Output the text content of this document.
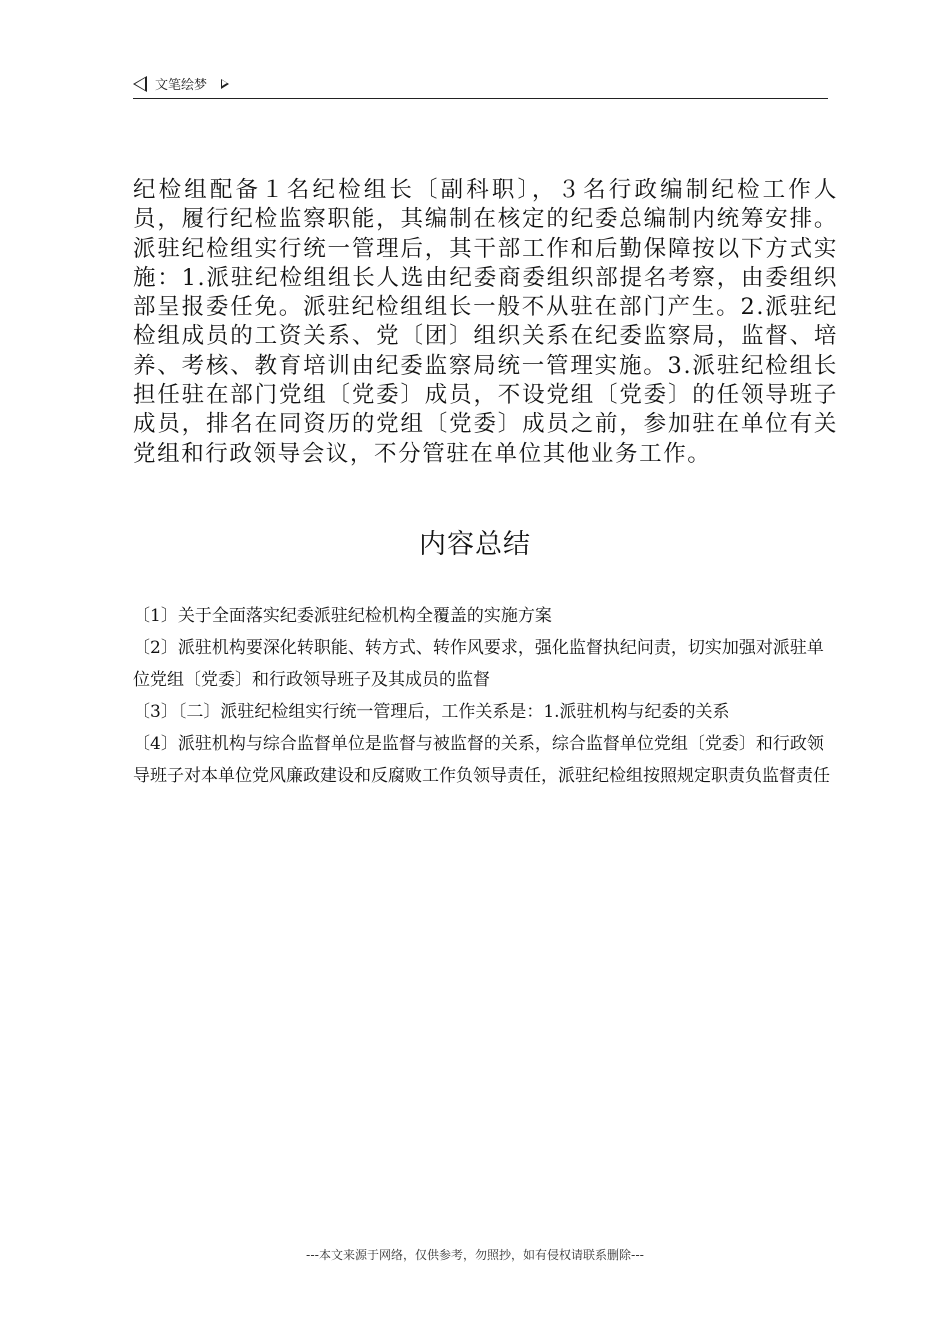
文笔绘梦
纪检组配备１名纪检组长〔副科职〕，３名行政编制纪检工作人员，履行纪检监察职能，其编制在核定的纪委总编制内统筹安排。派驻纪检组实行统一管理后，其干部工作和后勤保障按以下方式实施：1.派驻纪检组组长人选由纪委商委组织部提名考察，由委组织部呈报委任免。派驻纪检组组长一般不从驻在部门产生。2.派驻纪检组成员的工资关系、党〔团〕组织关系在纪委监察局，监督、培养、考核、教育培训由纪委监察局统一管理实施。3.派驻纪检组长担任驻在部门党组〔党委〕成员，不设党组〔党委〕的任领导班子成员，排名在同资历的党组〔党委〕成员之前，参加驻在单位有关党组和行政领导会议，不分管驻在单位其他业务工作。
内容总结

〔1〕关于全面落实纪委派驻纪检机构全覆盖的实施方案

〔2〕派驻机构要深化转职能、转方式、转作风要求，强化监督执纪问责，切实加强对派驻单位党组〔党委〕和行政领导班子及其成员的监督

〔3〕〔二〕派驻纪检组实行统一管理后，工作关系是：1.派驻机构与纪委的关系

〔4〕派驻机构与综合监督单位是监督与被监督的关系，综合监督单位党组〔党委〕和行政领导班子对本单位党风廉政建设和反腐败工作负领导责任，派驻纪检组按照规定职责负监督责任

---本文来源于网络，仅供参考，勿照抄，如有侵权请联系删除---
